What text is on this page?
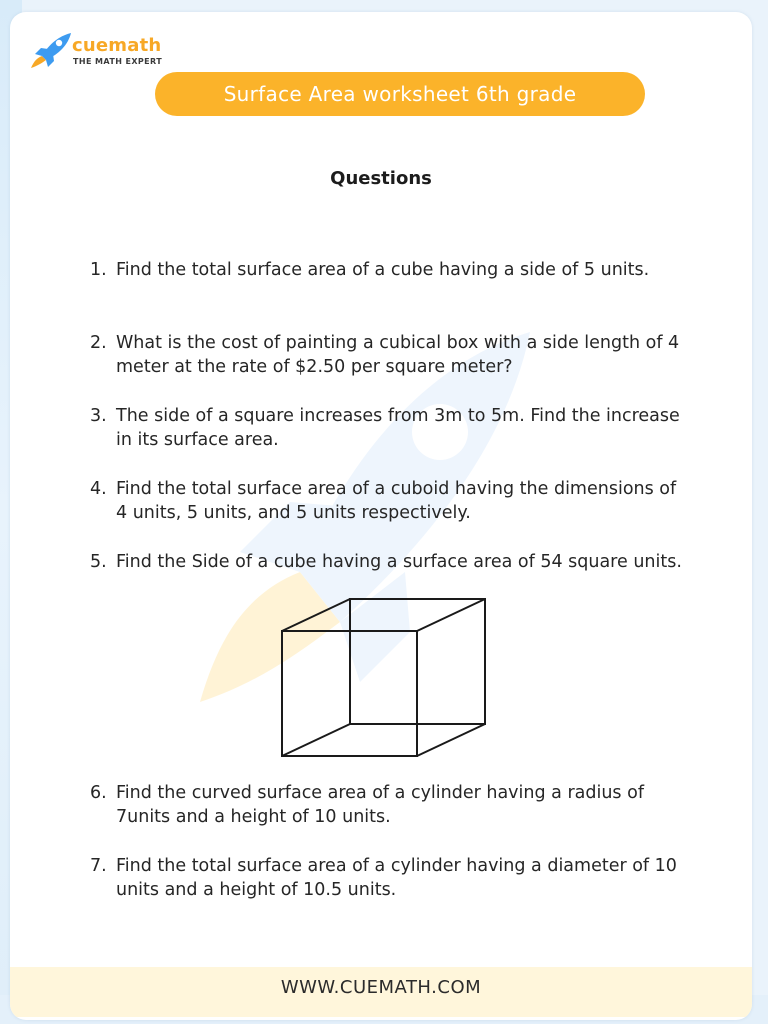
cuemath
THE MATH EXPERT
Surface Area worksheet 6th grade
Questions
1. Find the total surface area of a cube having a side of 5 units.
2. What is the cost of painting a cubical box with a side length of 4 meter at the rate of $2.50 per square meter?
3. The side of a square increases from 3m to 5m. Find the increase in its surface area.
4. Find the total surface area of a cuboid having the dimensions of 4 units, 5 units, and 5 units respectively.
5. Find the Side of a cube having a surface area of 54 square units.
6. Find the curved surface area of a cylinder having a radius of 7units and a height of 10 units.
7. Find the total surface area of a cylinder having a diameter of 10 units and a height of 10.5 units.
WWW.CUEMATH.COM
